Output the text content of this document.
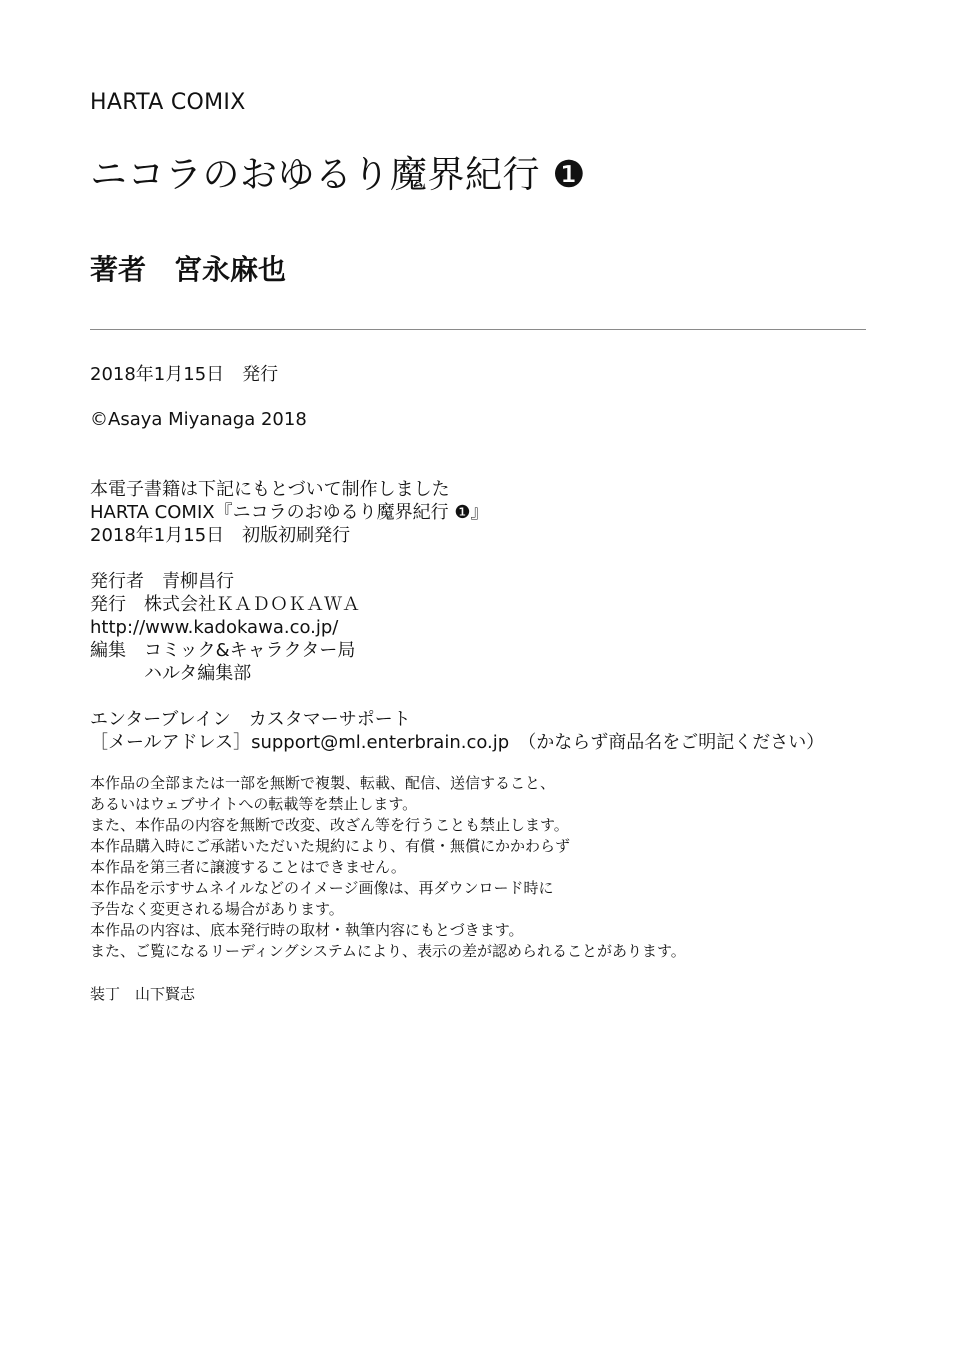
HARTA COMIX
ニコラのおゆるり魔界紀行 ❶
著者 宮永麻也
2018年1月15日　発行
©Asaya Miyanaga 2018
本電子書籍は下記にもとづいて制作しました
HARTA COMIX『ニコラのおゆるり魔界紀行 ❶』
2018年1月15日　初版初刷発行
発行者　青柳昌行
発行　株式会社ＫＡＤＯＫＡＷＡ
http://www.kadokawa.co.jp/
編集　コミック&キャラクター局
ハルタ編集部
エンターブレイン　カスタマーサポート
［メールアドレス］support@ml.enterbrain.co.jp　（かならず商品名をご明記ください）
本作品の全部または一部を無断で複製、転載、配信、送信すること、
あるいはウェブサイトへの転載等を禁止します。
また、本作品の内容を無断で改変、改ざん等を行うことも禁止します。
本作品購入時にご承諾いただいた規約により、有償・無償にかかわらず
本作品を第三者に譲渡することはできません。
本作品を示すサムネイルなどのイメージ画像は、再ダウンロード時に
予告なく変更される場合があります。
本作品の内容は、底本発行時の取材・執筆内容にもとづきます。
また、ご覧になるリーディングシステムにより、表示の差が認められることがあります。
装丁　山下賢志
